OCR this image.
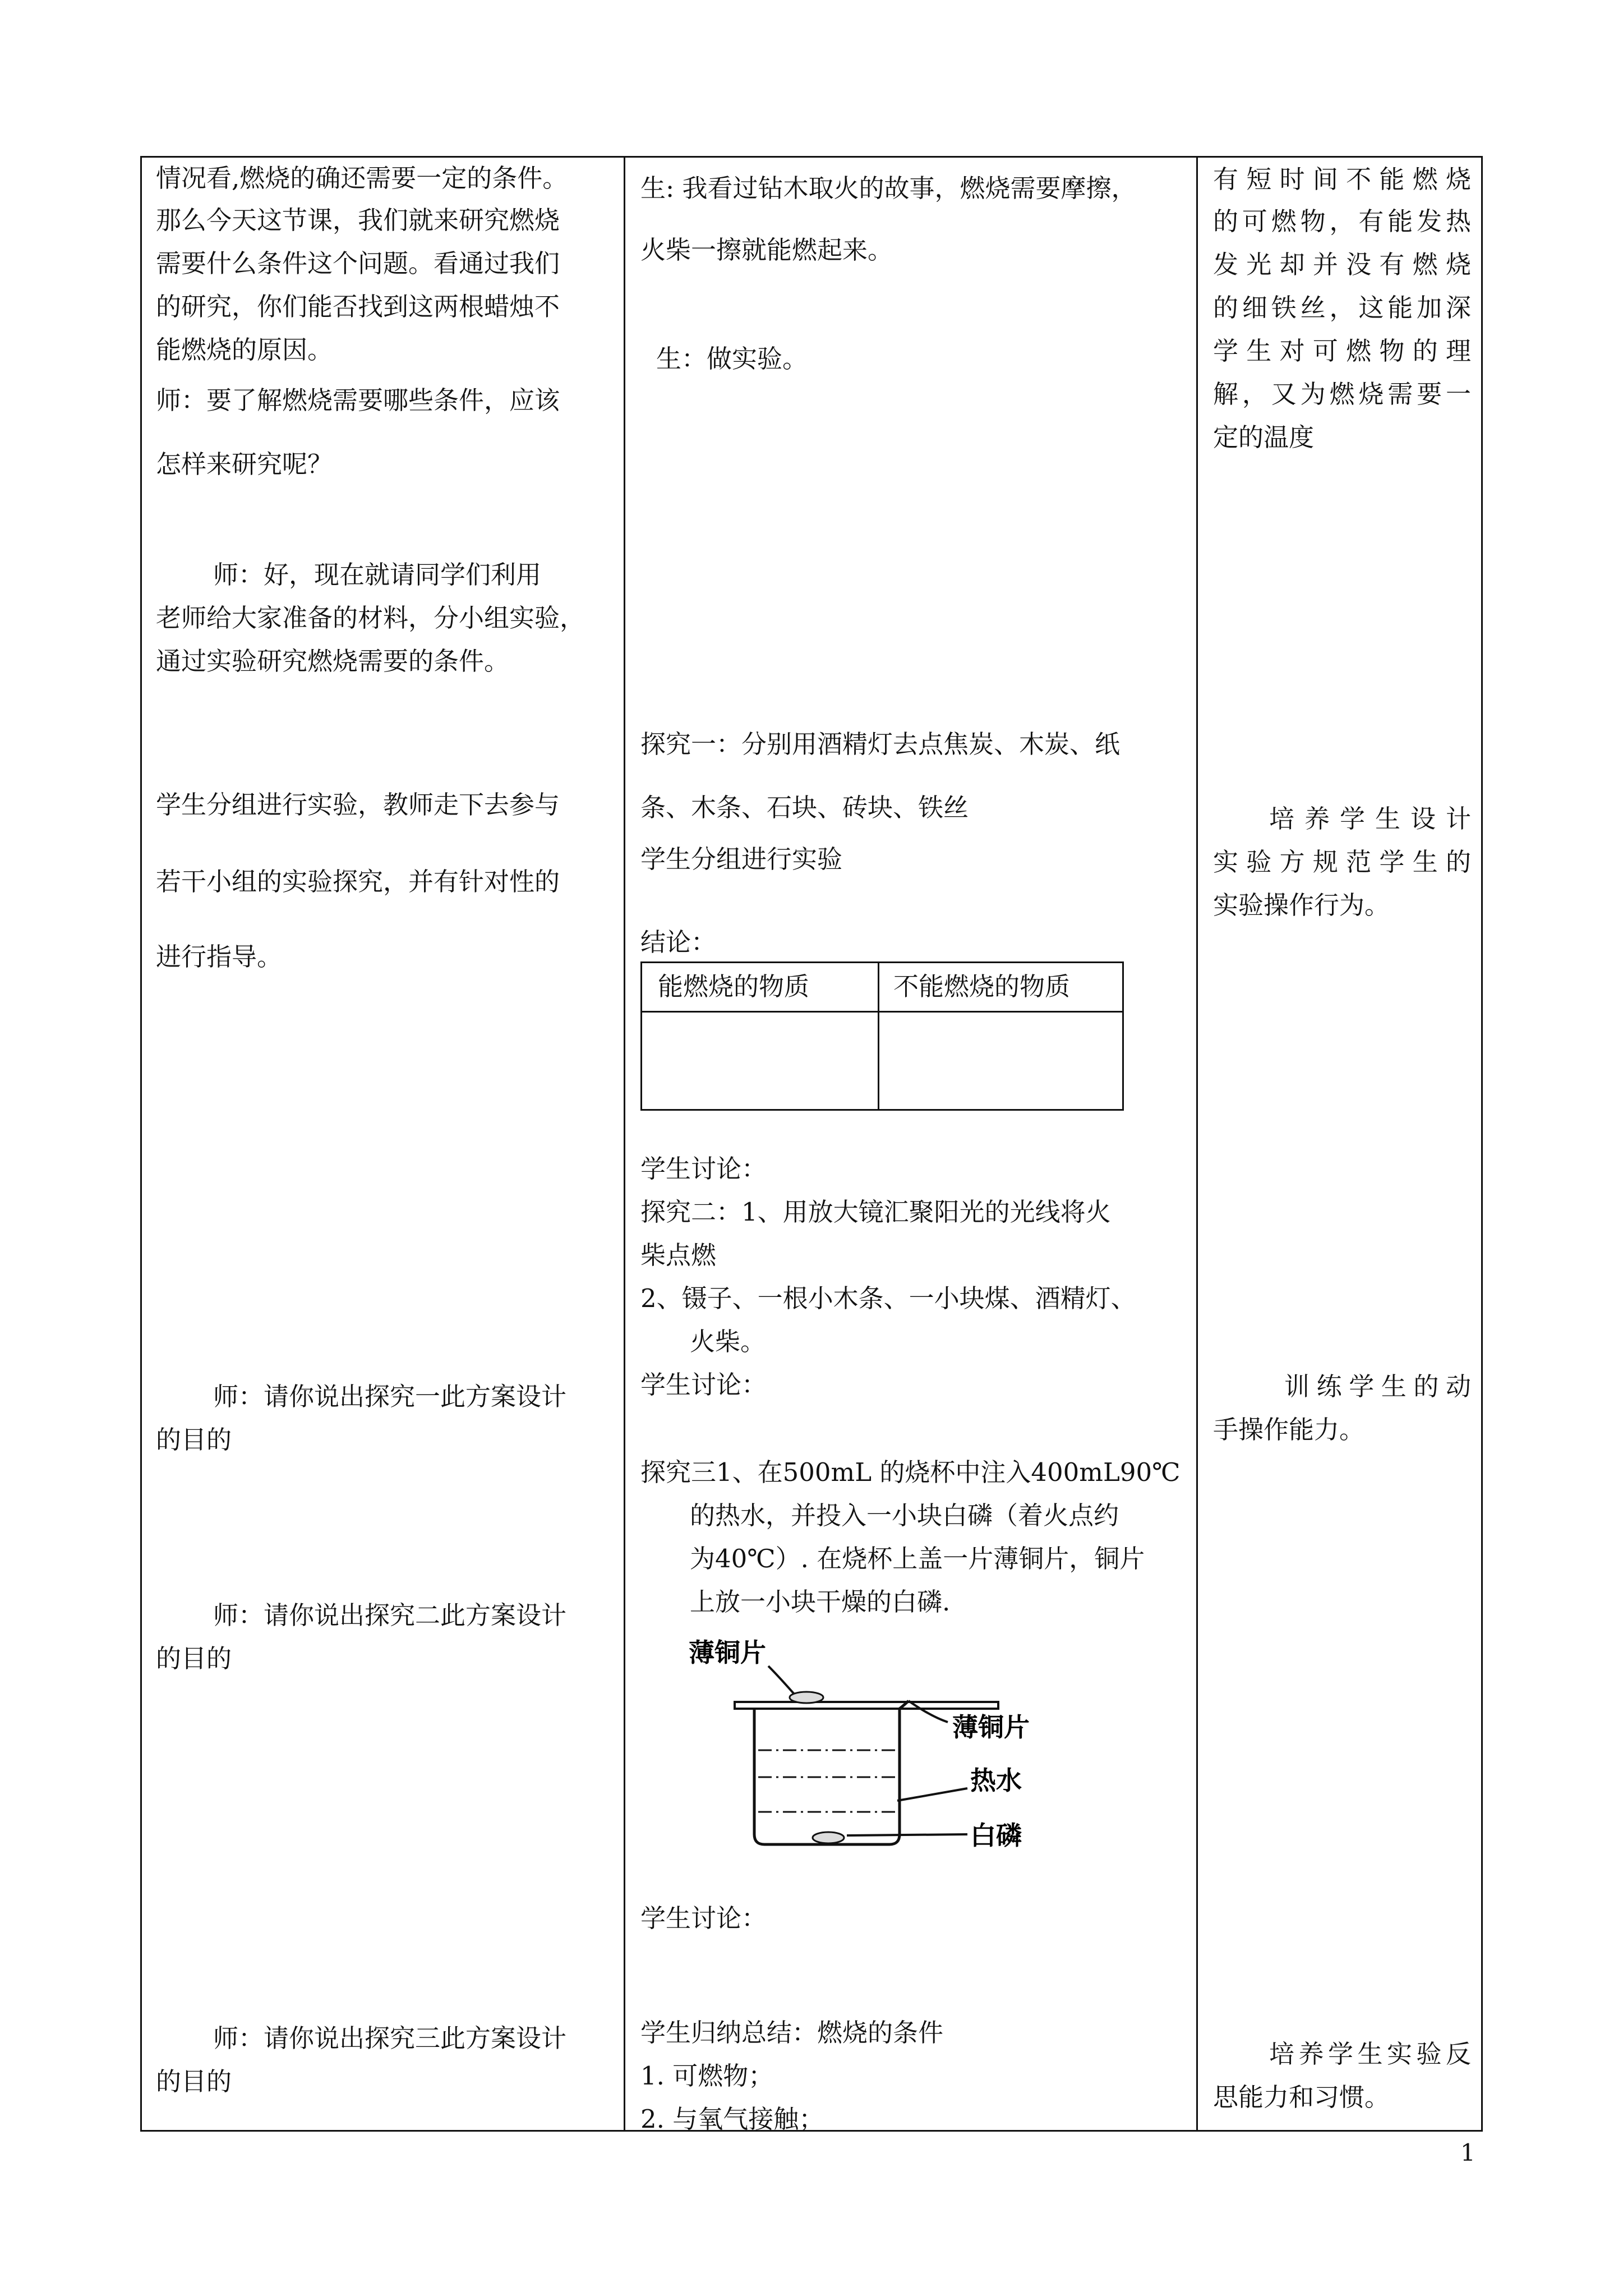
情况看,燃烧的确还需要一定的条件。
那么今天这节课，我们就来研究燃烧
需要什么条件这个问题。看通过我们
的研究，你们能否找到这两根蜡烛不
能燃烧的原因。
师：要了解燃烧需要哪些条件，应该
怎样来研究呢？
师：好，现在就请同学们利用
老师给大家准备的材料，分小组实验，
通过实验研究燃烧需要的条件。
学生分组进行实验，教师走下去参与
若干小组的实验探究，并有针对性的
进行指导。
师：请你说出探究一此方案设计
的目的
师：请你说出探究二此方案设计
的目的
师：请你说出探究三此方案设计
的目的
生: 我看过钻木取火的故事，燃烧需要摩擦，
火柴一擦就能燃起来。
生：做实验。
探究一：分别用酒精灯去点焦炭、木炭、纸
条、木条、石块、砖块、铁丝
学生分组进行实验
结论：
能燃烧的物质	不能燃烧的物质
学生讨论：
探究二：1、用放大镜汇聚阳光的光线将火
柴点燃
2、镊子、一根小木条、一小块煤、酒精灯、
火柴。
学生讨论：
探究三1、在500mL 的烧杯中注入400mL90℃
的热水，并投入一小块白磷（着火点约
为40℃）. 在烧杯上盖一片薄铜片，铜片
上放一小块干燥的白磷.
薄铜片
薄铜片
热水
白磷
学生讨论：
学生归纳总结：燃烧的条件
1. 可燃物；
2. 与氧气接触；
有短时间不能燃烧
的可燃物，有能发热
发光却并没有燃烧
的细铁丝，这能加深
学生对可燃物的理
解，又为燃烧需要一
定的温度
培养学生设计
实验方规范学生的
实验操作行为。
训练学生的动
手操作能力。
培养学生实验反
思能力和习惯。
1
